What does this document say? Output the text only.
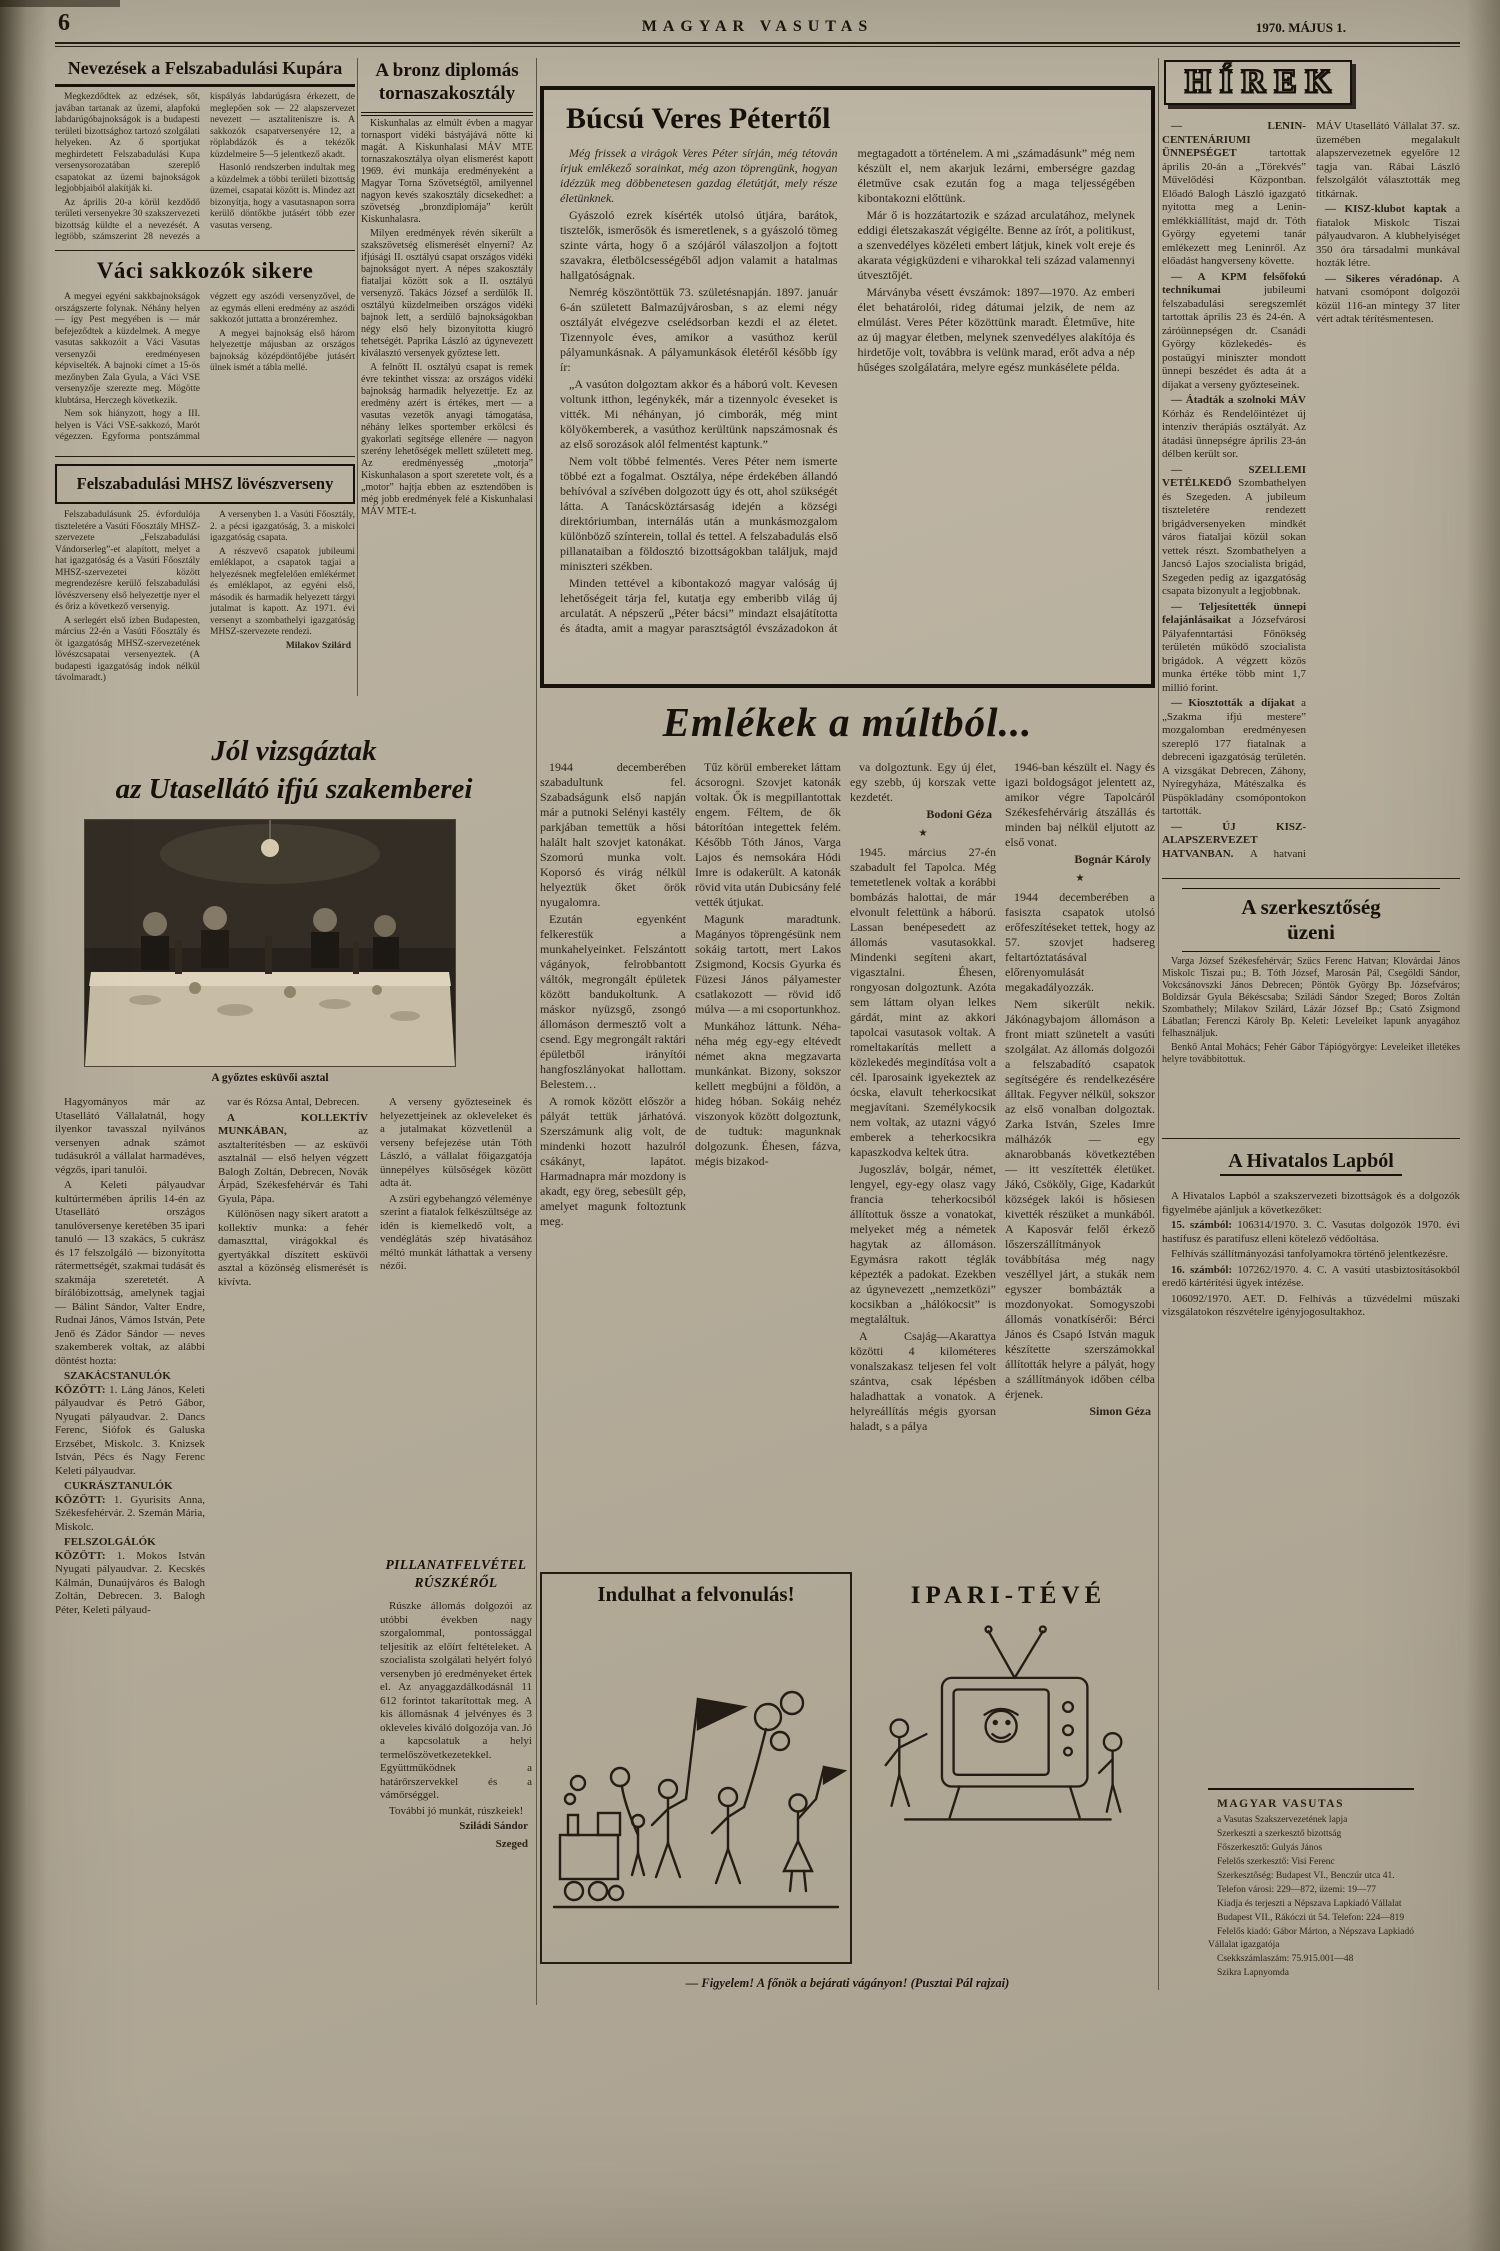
6	MAGYAR VASUTAS	1970. MÁJUS 1.
Nevezések a Felszabadulási Kupára

Megkezdődtek az edzések, sőt, javában tartanak az üzemi, alapfokú labdarúgóbajnokságok is a budapesti területi bizottsághoz tartozó szolgálati helyeken. Az ő sportjukat meghirdetett Felszabadulási Kupa versenysorozatában szereplő csapatokat az üzemi bajnokságok legjobbjaiból alakítják ki.

Az április 20-a körül kezdődő területi versenyekre 30 szakszervezeti bizottság küldte el a nevezését. A legtöbb, számszerint 28 nevezés a kispályás labdarúgásra érkezett, de meglepően sok — 22 alapszervezet nevezett — asztaliteniszre is. A sakkozók csapatversenyére 12, a röplabdázók és a tekézők küzdelmeire 5—5 jelentkező akadt.

Hasonló rendszerben indultak meg a küzdelmek a többi területi bizottság üzemei, csapatai között is. Mindez azt bizonyítja, hogy a vasutasnapon sorra kerülő döntőkbe jutásért több ezer vasutas verseng.

Váci sakkozók sikere

A megyei egyéni sakkbajnokságok országszerte folynak. Néhány helyen — így Pest megyében is — már befejeződtek a küzdelmek. A megye vasutas sakkozóit a Váci Vasutas versenyzői eredményesen képviselték. A bajnoki címet a 15-ös mezőnyben Zala Gyula, a Váci VSE versenyzője szerezte meg. Mögötte klubtársa, Herczegh következik.

Nem sok hiányzott, hogy a III. helyen is Váci VSE-sakkozó, Marót végezzen. Egyforma pontszámmal végzett egy aszódi versenyzővel, de az egymás elleni eredmény az aszódi sakkozót juttatta a bronzéremhez.

A megyei bajnokság első három helyezettje májusban az országos bajnokság középdöntőjébe jutásért ülnek ismét a tábla mellé.

Felszabadulási MHSZ lövészverseny

Felszabadulásunk 25. évfordulója tiszteletére a Vasúti Főosztály MHSZ-szervezete „Felszabadulási Vándorserleg”-et alapított, melyet a hat igazgatóság és a Vasúti Főosztály MHSZ-szervezetei között megrendezésre kerülő felszabadulási lövészverseny első helyezettje nyer el és őriz a következő versenyig.

A serlegért első ízben Budapesten, március 22-én a Vasúti Főosztály és öt igazgatóság MHSZ-szervezetének lövészcsapatai versenyeztek. (A budapesti igazgatóság indok nélkül távolmaradt.)

A versenyben 1. a Vasúti Főosztály, 2. a pécsi igazgatóság, 3. a miskolci igazgatóság csapata.

A részvevő csapatok jubileumi emléklapot, a csapatok tagjai a helyezésnek megfelelően emlékérmet és emléklapot, az egyéni első, második és harmadik helyezett tárgyi jutalmat is kapott. Az 1971. évi versenyt a szombathelyi igazgatóság MHSZ-szervezete rendezi.

Milakov Szilárd

A bronz diplomás
tornaszakosztály

Kiskunhalas az elmúlt évben a magyar tornasport vidéki bástyájává nőtte ki magát. A Kiskunhalasi MÁV MTE tornaszakosztálya olyan elismerést kapott 1969. évi munkája eredményeként a Magyar Torna Szövetségtől, amilyennel nagyon kevés szakosztály dicsekedhet: a szövetség „bronzdiplomája” került Kiskunhalasra.

Milyen eredmények révén sikerült a szakszövetség elismerését elnyerni? Az ifjúsági II. osztályú csapat országos vidéki bajnokságot nyert. A népes szakosztály fiataljai között sok a II. osztályú versenyző. Takács József a serdülők II. osztályú küzdelmeiben országos vidéki bajnok lett, a serdülő bajnokságokban négy első hely bizonyította kiugró tehetségét. Paprika László az úgynevezett kiválasztó versenyek győztese lett.

A felnőtt II. osztályú csapat is remek évre tekinthet vissza: az országos vidéki bajnokság harmadik helyezettje. Ez az eredmény azért is értékes, mert — a vasutas vezetők anyagi támogatása, néhány lelkes sportember erkölcsi és gyakorlati segítsége ellenére — nagyon szerény lehetőségek mellett született meg. Az eredményesség „motorja” Kiskunhalason a sport szeretete volt, és a „motor” hajtja ebben az esztendőben is még jobb eredmények felé a Kiskunhalasi MÁV MTE-t.

Búcsú Veres Pétertől

Még frissek a virágok Veres Péter sírján, még tétován írjuk emlékező sorainkat, még azon töprengünk, hogyan idézzük meg döbbenetesen gazdag életútját, mely része életünknek.

Gyászoló ezrek kísérték utolsó útjára, barátok, tisztelők, ismerősök és ismeretlenek, s a gyászoló tömeg szinte várta, hogy ő a szójáról válaszoljon a fojtott szavakra, életbölcsességéből adjon valamit a hatalmas hallgatóságnak.

Nemrég köszöntöttük 73. születésnapján. 1897. január 6-án született Balmazújvárosban, s az elemi négy osztályát elvégezve cselédsorban kezdi el az életet. Tizennyolc éves, amikor a vasúthoz kerül pályamunkásnak. A pályamunkások életéről később így ír:

„A vasúton dolgoztam akkor és a háború volt. Kevesen voltunk itthon, legénykék, már a tizennyolc éveseket is vitték. Mi néhányan, jó cimborák, még mint kölyökemberek, a vasúthoz kerültünk napszámosnak és az első sorozások alól felmentést kaptunk.”

Nem volt többé felmentés. Veres Péter nem ismerte többé ezt a fogalmat. Osztálya, népe érdekében állandó behívóval a szívében dolgozott úgy és ott, ahol szükségét látta. A Tanácsköztársaság idején a községi direktóriumban, internálás után a munkásmozgalom különböző színterein, tollal és tettel. A felszabadulás első pillanataiban a földosztó bizottságokban találjuk, majd miniszteri székben.

Minden tettével a kibontakozó magyar valóság új lehetőségeit tárja fel, kutatja egy emberibb világ új arculatát. A népszerű „Péter bácsi” mindazt elsajátította és átadta, amit a magyar parasztságtól évszázadokon át megtagadott a történelem. A mi „számadásunk” még nem készült el, nem akarjuk lezárni, emberségre gazdag életműve csak ezután fog a maga teljességében kibontakozni előttünk.

Már ő is hozzátartozik e század arculatához, melynek eddigi életszakaszát végigélte. Benne az írót, a politikust, a szenvedélyes közéleti embert látjuk, kinek volt ereje és akarata végigküzdeni e viharokkal teli század valamennyi útvesztőjét.

Márványba vésett évszámok: 1897—1970. Az emberi élet behatárolói, rideg dátumai jelzik, de nem az elmúlást. Veres Péter közöttünk maradt. Életműve, hite az új magyar életben, melynek szenvedélyes alakítója és hirdetője volt, továbbra is velünk marad, erőt adva a nép hűséges szolgálatára, melyre egész munkásélete példa.

HÍREK

— LENIN-CENTENÁRIUMI ÜNNEPSÉGET tartottak április 20-án a „Törekvés” Művelődési Központban. Előadó Balogh László igazgató nyitotta meg a Lenin-emlékkiállítást, majd dr. Tóth György egyetemi tanár emlékezett meg Leninről. Az előadást hangverseny követte.

— A KPM felsőfokú technikumai jubileumi felszabadulási seregszemlét tartottak április 23 és 24-én. A záróünnepségen dr. Csanádi György közlekedés- és postaügyi miniszter mondott ünnepi beszédet és adta át a díjakat a verseny győzteseinek.

— Átadták a szolnoki MÁV Kórház és Rendelőintézet új intenzív therápiás osztályát. Az átadási ünnepségre április 23-án délben került sor.

— SZELLEMI VETÉLKEDŐ Szombathelyen és Szegeden. A jubileum tiszteletére rendezett brigádversenyeken mindkét város fiataljai közül sokan vettek részt. Szombathelyen a Jancsó Lajos szocialista brigád, Szegeden pedig az igazgatóság csapata bizonyult a legjobbnak.

— Teljesítették ünnepi felajánlásaikat a Józsefvárosi Pályafenntartási Főnökség területén működő szocialista brigádok. A végzett közös munka értéke több mint 1,7 millió forint.

— Kiosztották a díjakat a „Szakma ifjú mestere” mozgalomban eredményesen szereplő 177 fiatalnak a debreceni igazgatóság területén. A vizsgákat Debrecen, Záhony, Nyíregyháza, Mátészalka és Püspökladány csomópontokon tartották.

— ÚJ KISZ-ALAPSZERVEZET HATVANBAN. A hatvani MÁV Utasellátó Vállalat 37. sz. üzemében megalakult alapszervezetnek egyelőre 12 tagja van. Rábai László felszolgálót választották meg titkárnak.

— KISZ-klubot kaptak a fiatalok Miskolc Tiszai pályaudvaron. A klubhelyiséget 350 óra társadalmi munkával hozták létre.

— Sikeres véradónap. A hatvani csomópont dolgozói közül 116-an mintegy 37 liter vért adtak térítésmentesen.

A szerkesztőség
üzeni

Varga József Székesfehérvár; Szücs Ferenc Hatvan; Klovárdai János Miskolc Tiszai pu.; B. Tóth József, Marosán Pál, Csegöldi Sándor, Vokcsánovszki János Debrecen; Pöntök György Bp. Józsefváros; Boldizsár Gyula Békéscsaba; Sziládi Sándor Szeged; Boros Zoltán Szombathely; Milakov Szilárd, Lázár József Bp.; Csató Zsigmond Lábatlan; Ferenczi Károly Bp. Keleti: Leveleiket lapunk anyagához felhasználjuk.

Benkő Antal Mohács; Fehér Gábor Tápiógyörgye: Leveleiket illetékes helyre továbbítottuk.

A Hivatalos Lapból

A Hivatalos Lapból a szakszervezeti bizottságok és a dolgozók figyelmébe ajánljuk a következőket:

15. számból: 106314/1970. 3. C. Vasutas dolgozók 1970. évi hastífusz és paratífusz elleni kötelező védőoltása.

Felhívás szállítmányozási tanfolyamokra történő jelentkezésre.

16. számból: 107262/1970. 4. C. A vasúti utasbiztosításokból eredő kártérítési ügyek intézése.

106092/1970. AET. D. Felhívás a tűzvédelmi műszaki vizsgálatokon részvételre igényjogosultakhoz.

MAGYAR VASUTAS

a Vasutas Szakszervezetének lapja

Szerkeszti a szerkesztő bizottság

Főszerkesztő: Gulyás János

Felelős szerkesztő: Visi Ferenc

Szerkesztőség: Budapest VI., Benczúr utca 41.

Telefon városi: 229—872, üzemi: 19—77

Kiadja és terjeszti a Népszava Lapkiadó Vállalat

Budapest VII., Rákóczi út 54. Telefon: 224—819

Felelős kiadó: Gábor Márton, a Népszava Lapkiadó Vállalat igazgatója

Csekkszámlaszám: 75.915.001—48

Szikra Lapnyomda

Emlékek a múltból...

1944 decemberében szabadultunk fel. Szabadságunk első napján már a putnoki Selényi kastély parkjában temettük a hősi halált halt szovjet katonákat. Szomorú munka volt. Koporsó és virág nélkül helyeztük őket örök nyugalomra.

Ezután egyenként felkerestük a munkahelyeinket. Felszántott vágányok, felrobbantott váltók, megrongált épületek között bandukoltunk. A máskor nyüzsgő, zsongó állomáson dermesztő volt a csend. Egy megrongált raktári épületből irányítói hangfoszlányokat hallottam. Belestem…

A romok között először a pályát tettük járhatóvá. Szerszámunk alig volt, de mindenki hozott hazulról csákányt, lapátot. Harmadnapra már mozdony is akadt, egy öreg, sebesült gép, amelyet magunk foltoztunk meg.

Tűz körül embereket láttam ácsorogni. Szovjet katonák voltak. Ők is megpillantottak engem. Féltem, de ők bátorítóan integettek felém. Később Tóth János, Varga Lajos és nemsokára Hódi Imre is odakerült. A katonák rövid vita után Dubicsány felé vették útjukat.

Magunk maradtunk. Magányos töprengésünk nem sokáig tartott, mert Lakos Zsigmond, Kocsis Gyurka és Füzesi János pályamester csatlakozott — rövid idő múlva — a mi csoportunkhoz.

Munkához láttunk. Néha-néha még egy-egy eltévedt német akna megzavarta munkánkat. Bizony, sokszor kellett megbújni a földön, a hideg hóban. Sokáig nehéz viszonyok között dolgoztunk, de tudtuk: magunknak dolgozunk. Éhesen, fázva, mégis bizakod-

va dolgoztunk. Egy új élet, egy szebb, új korszak vette kezdetét.

Bodoni Géza

★

1945. március 27-én szabadult fel Tapolca. Még temetetlenek voltak a korábbi bombázás halottai, de már elvonult felettünk a háború. Lassan benépesedett az állomás vasutasokkal. Mindenki segíteni akart, vigasztalni. Éhesen, rongyosan dolgoztunk. Azóta sem láttam olyan lelkes gárdát, mint az akkori tapolcai vasutasok voltak. A romeltakarítás mellett a közlekedés megindítása volt a cél. Iparosaink igyekeztek az ócska, elavult teherkocsikat megjavítani. Személykocsik nem voltak, az utazni vágyó emberek a teherkocsikra kapaszkodva keltek útra.

Jugoszláv, bolgár, német, lengyel, egy-egy olasz vagy francia teherkocsiból állítottuk össze a vonatokat, melyeket még a németek hagytak az állomáson. Egymásra rakott téglák képezték a padokat. Ezekben az úgynevezett „nemzetközi” kocsikban a „hálókocsit” is megtaláltuk.

A Csajág—Akarattya közötti 4 kilométeres vonalszakasz teljesen fel volt szántva, csak lépésben haladhattak a vonatok. A helyreállítás mégis gyorsan haladt, s a pálya

1946-ban készült el. Nagy és igazi boldogságot jelentett az, amikor végre Tapolcáról Székesfehérvárig átszállás és minden baj nélkül eljutott az első vonat.

Bognár Károly

★

1944 decemberében a fasiszta csapatok utolsó erőfeszítéseket tettek, hogy az 57. szovjet hadsereg feltartóztatásával előrenyomulását megakadályozzák.

Nem sikerült nekik. Jákónagybajom állomáson a front miatt szünetelt a vasúti szolgálat. Az állomás dolgozói a felszabadító csapatok segítségére és rendelkezésére álltak. Fegyver nélkül, sokszor az első vonalban dolgoztak. Zarka István, Szeles Imre málházók — egy aknarobbanás következtében — itt veszítették életüket. Jákó, Csököly, Gige, Kadarkút községek lakói is hősiesen kivették részüket a munkából. A Kaposvár felől érkező lőszerszállítmányok továbbítása még nagy veszéllyel járt, a stukák nem egyszer bombázták a mozdonyokat. Somogyszobi állomás vonatkísérői: Bérci János és Csapó István maguk készítette szerszámokkal állították helyre a pályát, hogy a szállítmányok időben célba érjenek.

Simon Géza

Jól vizsgáztak
az Utasellátó ifjú szakemberei
A győztes esküvői asztal

Hagyományos már az Utasellátó Vállalatnál, hogy ilyenkor tavasszal nyilvános versenyen adnak számot tudásukról a vállalat harmadéves, végzős, ipari tanulói.

A Keleti pályaudvar kultúrtermében április 14-én az Utasellátó országos tanulóversenye keretében 35 ipari tanuló — 13 szakács, 5 cukrász és 17 felszolgáló — bizonyította rátermettségét, szakmai tudását és szakmája szeretetét. A bírálóbizottság, amelynek tagjai — Bálint Sándor, Valter Endre, Rudnai János, Vámos István, Pete Jenő és Zádor Sándor — neves szakemberek voltak, az alábbi döntést hozta:

SZAKÁCSTANULÓK KÖZÖTT: 1. Láng János, Keleti pályaudvar és Petró Gábor, Nyugati pályaudvar. 2. Dancs Ferenc, Siófok és Galuska Erzsébet, Miskolc. 3. Knizsek István, Pécs és Nagy Ferenc Keleti pályaudvar.

CUKRÁSZTANULÓK KÖZÖTT: 1. Gyurisits Anna, Székesfehérvár. 2. Szemán Mária, Miskolc.

FELSZOLGÁLÓK KÖZÖTT: 1. Mokos István Nyugati pályaudvar. 2. Kecskés Kálmán, Dunaújváros és Balogh Zoltán, Debrecen. 3. Balogh Péter, Keleti pályaud-

var és Rózsa Antal, Debrecen.

A KOLLEKTÍV MUNKÁBAN, az asztalterítésben — az esküvői asztalnál — első helyen végzett Balogh Zoltán, Debrecen, Novák Árpád, Székesfehérvár és Tahi Gyula, Pápa.

Különösen nagy sikert aratott a kollektív munka: a fehér damaszttal, virágokkal és gyertyákkal díszített esküvői asztal a közönség elismerését is kivívta.

A verseny győzteseinek és helyezettjeinek az okleveleket és a jutalmakat közvetlenül a verseny befejezése után Tóth László, a vállalat főigazgatója ünnepélyes külsőségek között adta át.

A zsűri egybehangzó véleménye szerint a fiatalok felkészültsége az idén is kiemelkedő volt, a vendéglátás szép hivatásához méltó munkát láthattak a verseny nézői.

PILLANATFELVÉTEL
RÚSZKÉRŐL

Rúszke állomás dolgozói az utóbbi években nagy szorgalommal, pontossággal teljesítik az előírt feltételeket. A szocialista szolgálati helyért folyó versenyben jó eredményeket értek el. Az anyaggazdálkodásnál 11 612 forintot takarítottak meg. A kis állomásnak 4 jelvényes és 3 okleveles kiváló dolgozója van. Jó a kapcsolatuk a helyi termelőszövetkezetekkel. Együttműködnek a határőrszervekkel és a vámőrséggel.

További jó munkát, rúszkeiek!

Sziládi Sándor

Szeged

Indulhat a felvonulás!	IPARI-TÉVÉ
— Figyelem! A főnök a bejárati vágányon! (Pusztai Pál rajzai)
